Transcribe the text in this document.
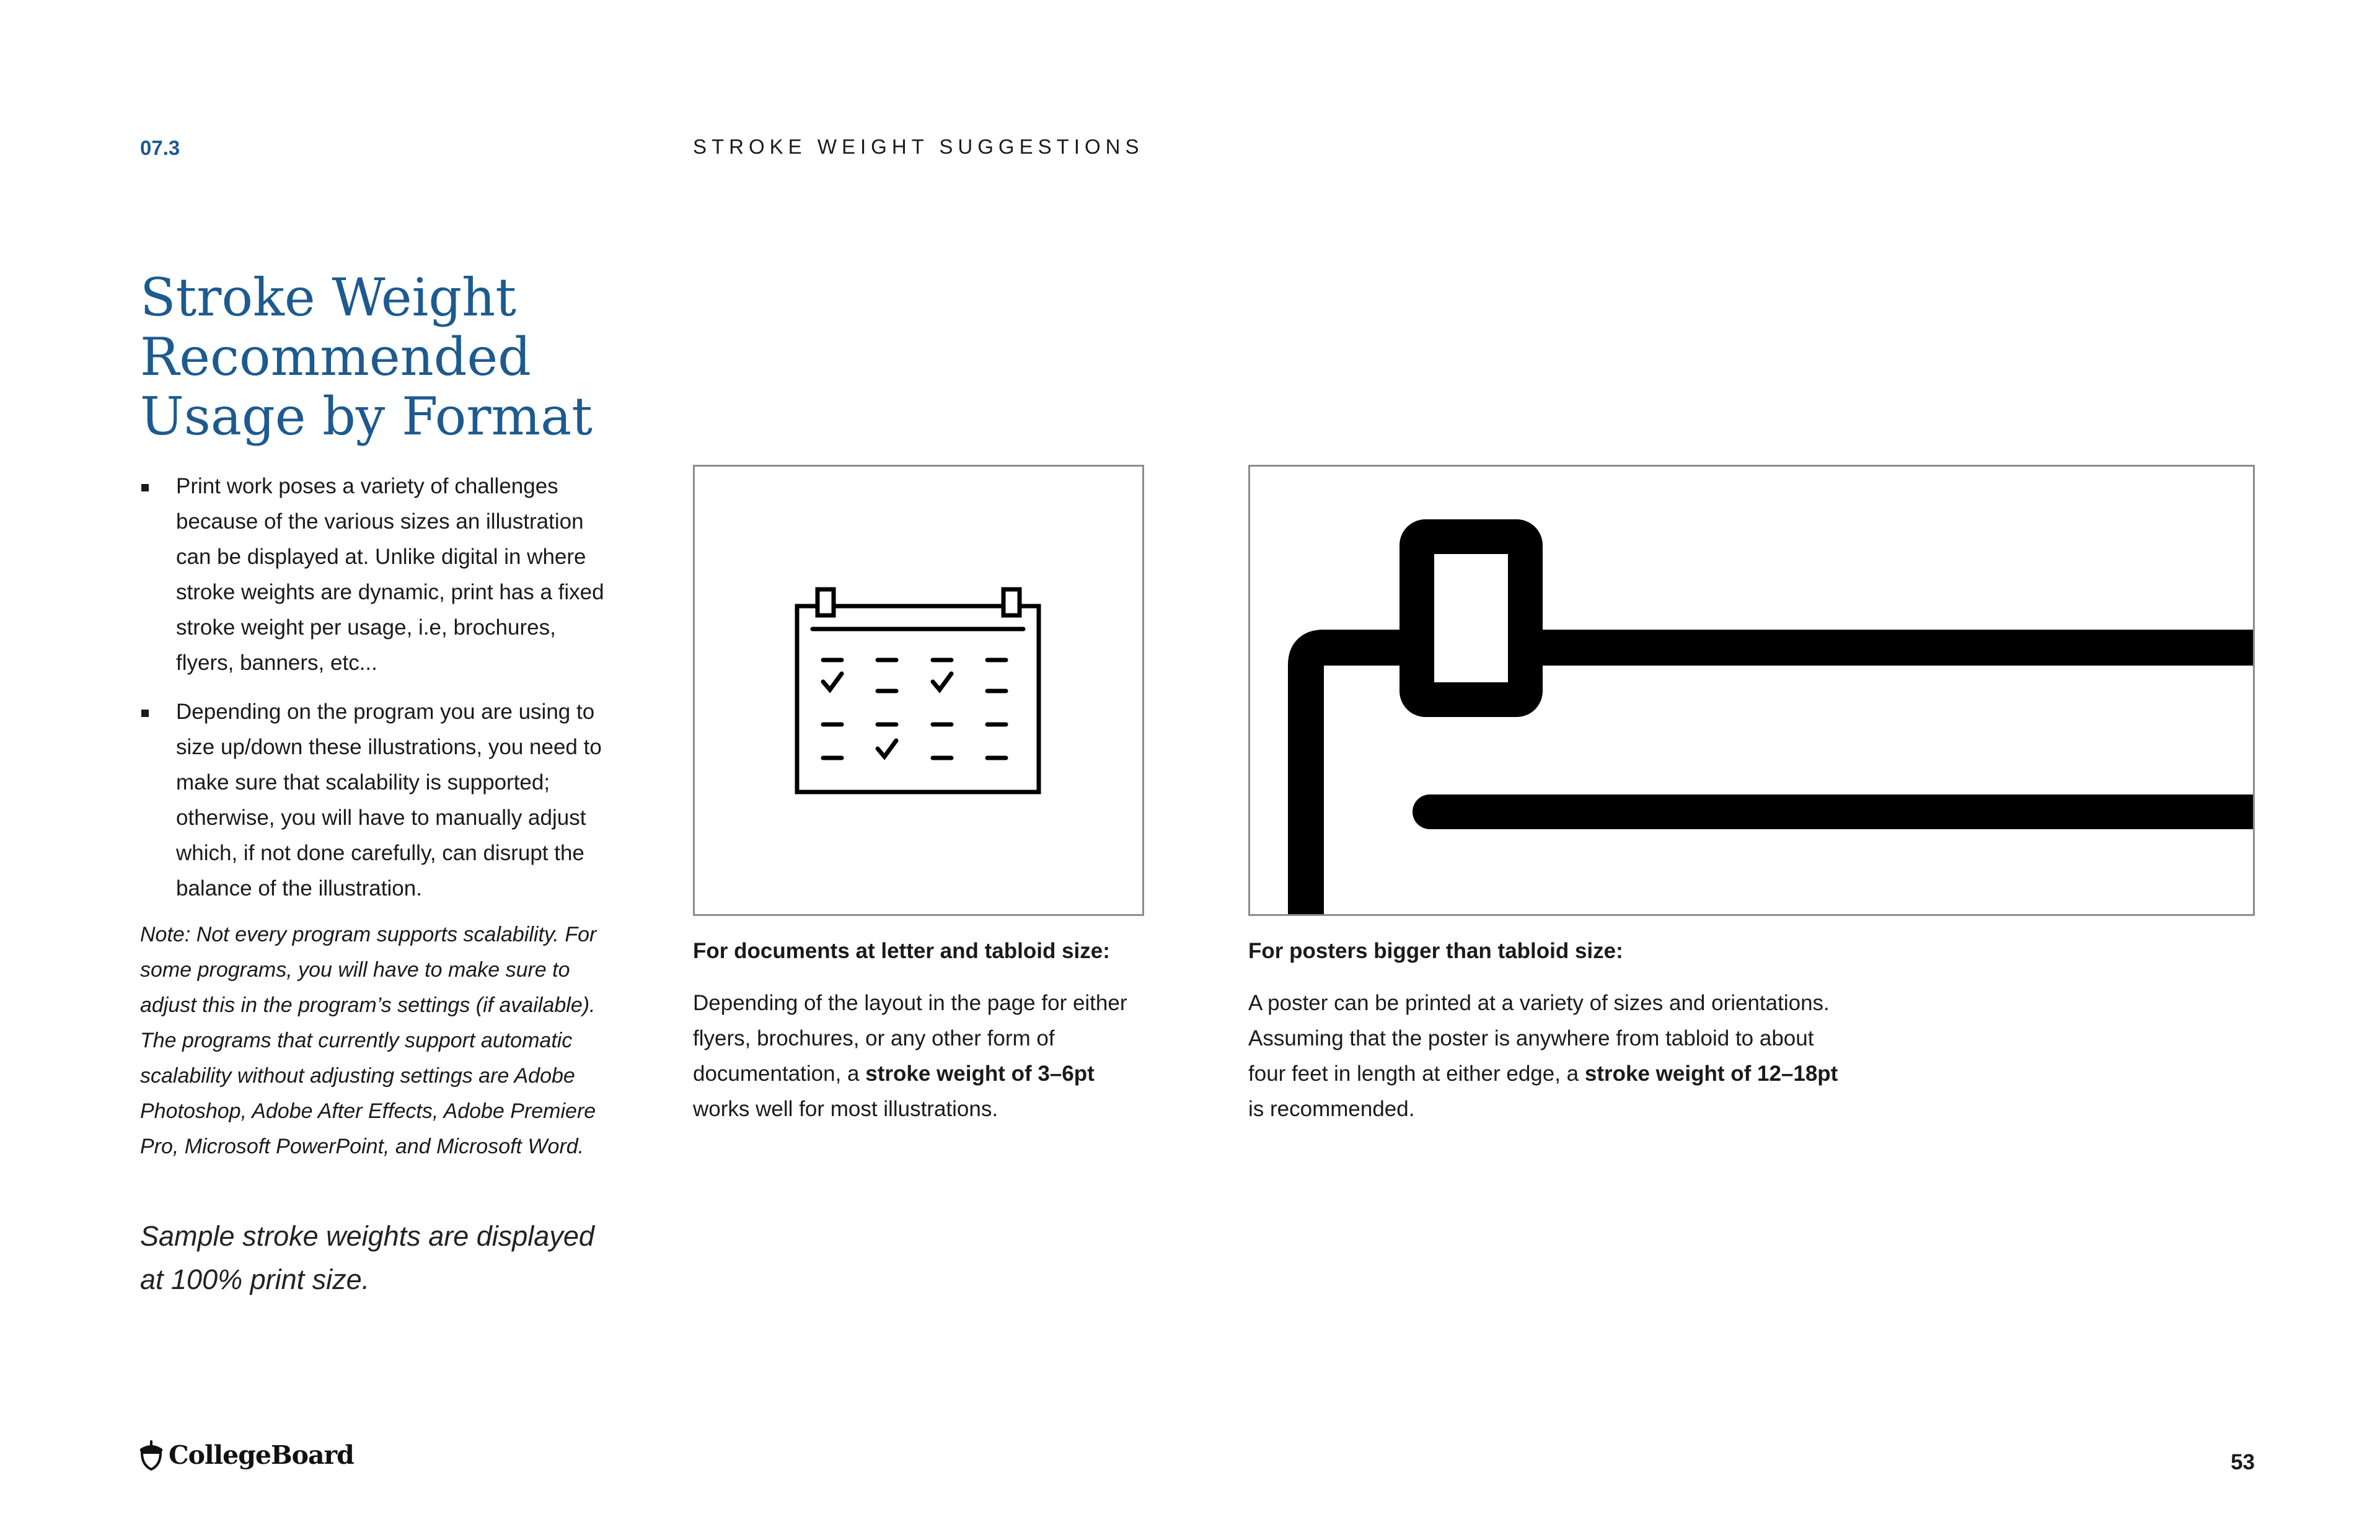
07.3	STROKE WEIGHT SUGGESTIONS
Stroke Weight
Recommended
Usage by Format
Print work poses a variety of challenges because of the various sizes an illustration can be displayed at. Unlike digital in where stroke weights are dynamic, print has a fixed stroke weight per usage, i.e, brochures, flyers, banners, etc...
Depending on the program you are using to size up/down these illustrations, you need to make sure that scalability is supported; otherwise, you will have to manually adjust which, if not done carefully, can disrupt the balance of the illustration.
Note: Not every program supports scalability. For some programs, you will have to make sure to adjust this in the program’s settings (if available). The programs that currently support automatic scalability without adjusting settings are Adobe Photoshop, Adobe After Effects, Adobe Premiere Pro, Microsoft PowerPoint, and Microsoft Word.
Sample stroke weights are displayed at 100% print size.
For documents at letter and tabloid size:
Depending of the layout in the page for either flyers, brochures, or any other form of documentation, a stroke weight of 3–6pt works well for most illustrations.
For posters bigger than tabloid size:
A poster can be printed at a variety of sizes and orientations. Assuming that the poster is anywhere from tabloid to about four feet in length at either edge, a stroke weight of 12–18pt is recommended.
CollegeBoard	53
